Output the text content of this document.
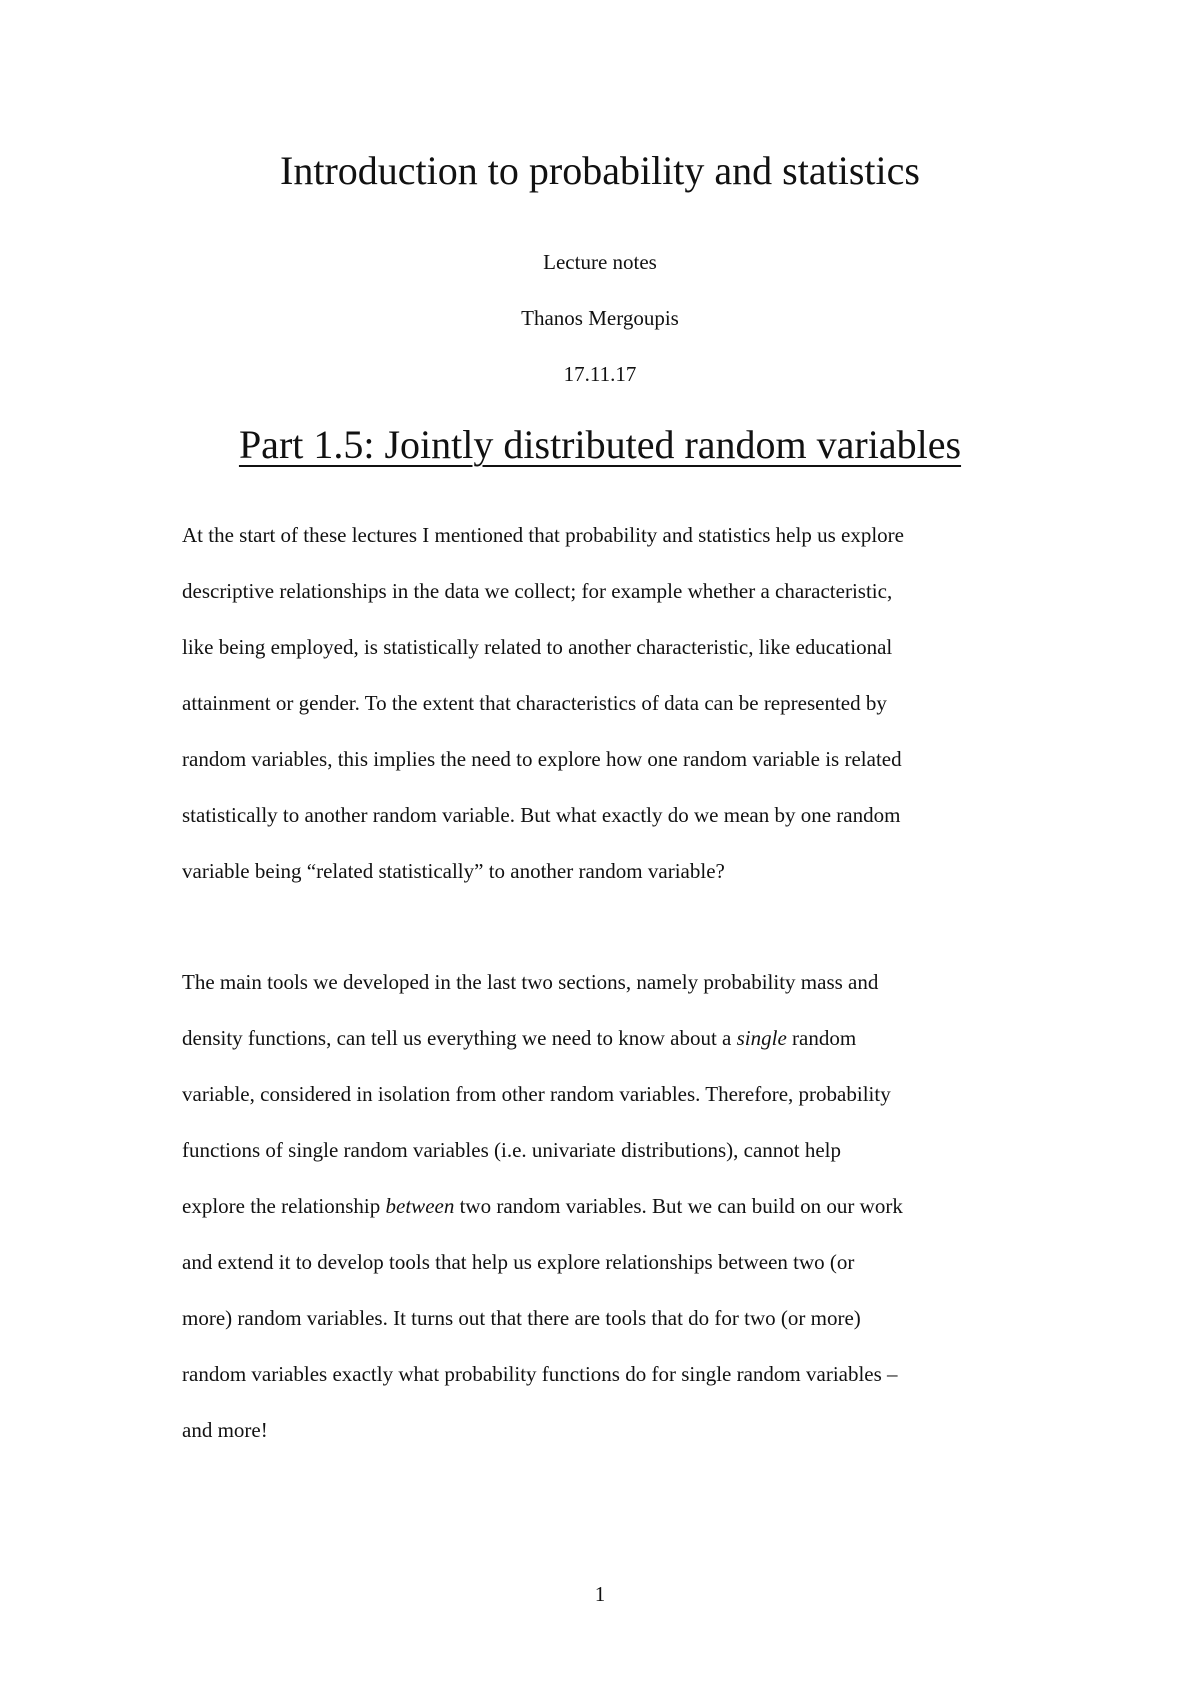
Introduction to probability and statistics

Lecture notes

Thanos Mergoupis

17.11.17

Part 1.5: Jointly distributed random variables
At the start of these lectures I mentioned that probability and statistics help us explore
descriptive relationships in the data we collect; for example whether a characteristic,
like being employed, is statistically related to another characteristic, like educational
attainment or gender. To the extent that characteristics of data can be represented by
random variables, this implies the need to explore how one random variable is related
statistically to another random variable. But what exactly do we mean by one random
variable being “related statistically” to another random variable?
The main tools we developed in the last two sections, namely probability mass and
density functions, can tell us everything we need to know about a single random
variable, considered in isolation from other random variables. Therefore, probability
functions of single random variables (i.e. univariate distributions), cannot help
explore the relationship between two random variables. But we can build on our work
and extend it to develop tools that help us explore relationships between two (or
more) random variables. It turns out that there are tools that do for two (or more)
random variables exactly what probability functions do for single random variables –
and more!

1
